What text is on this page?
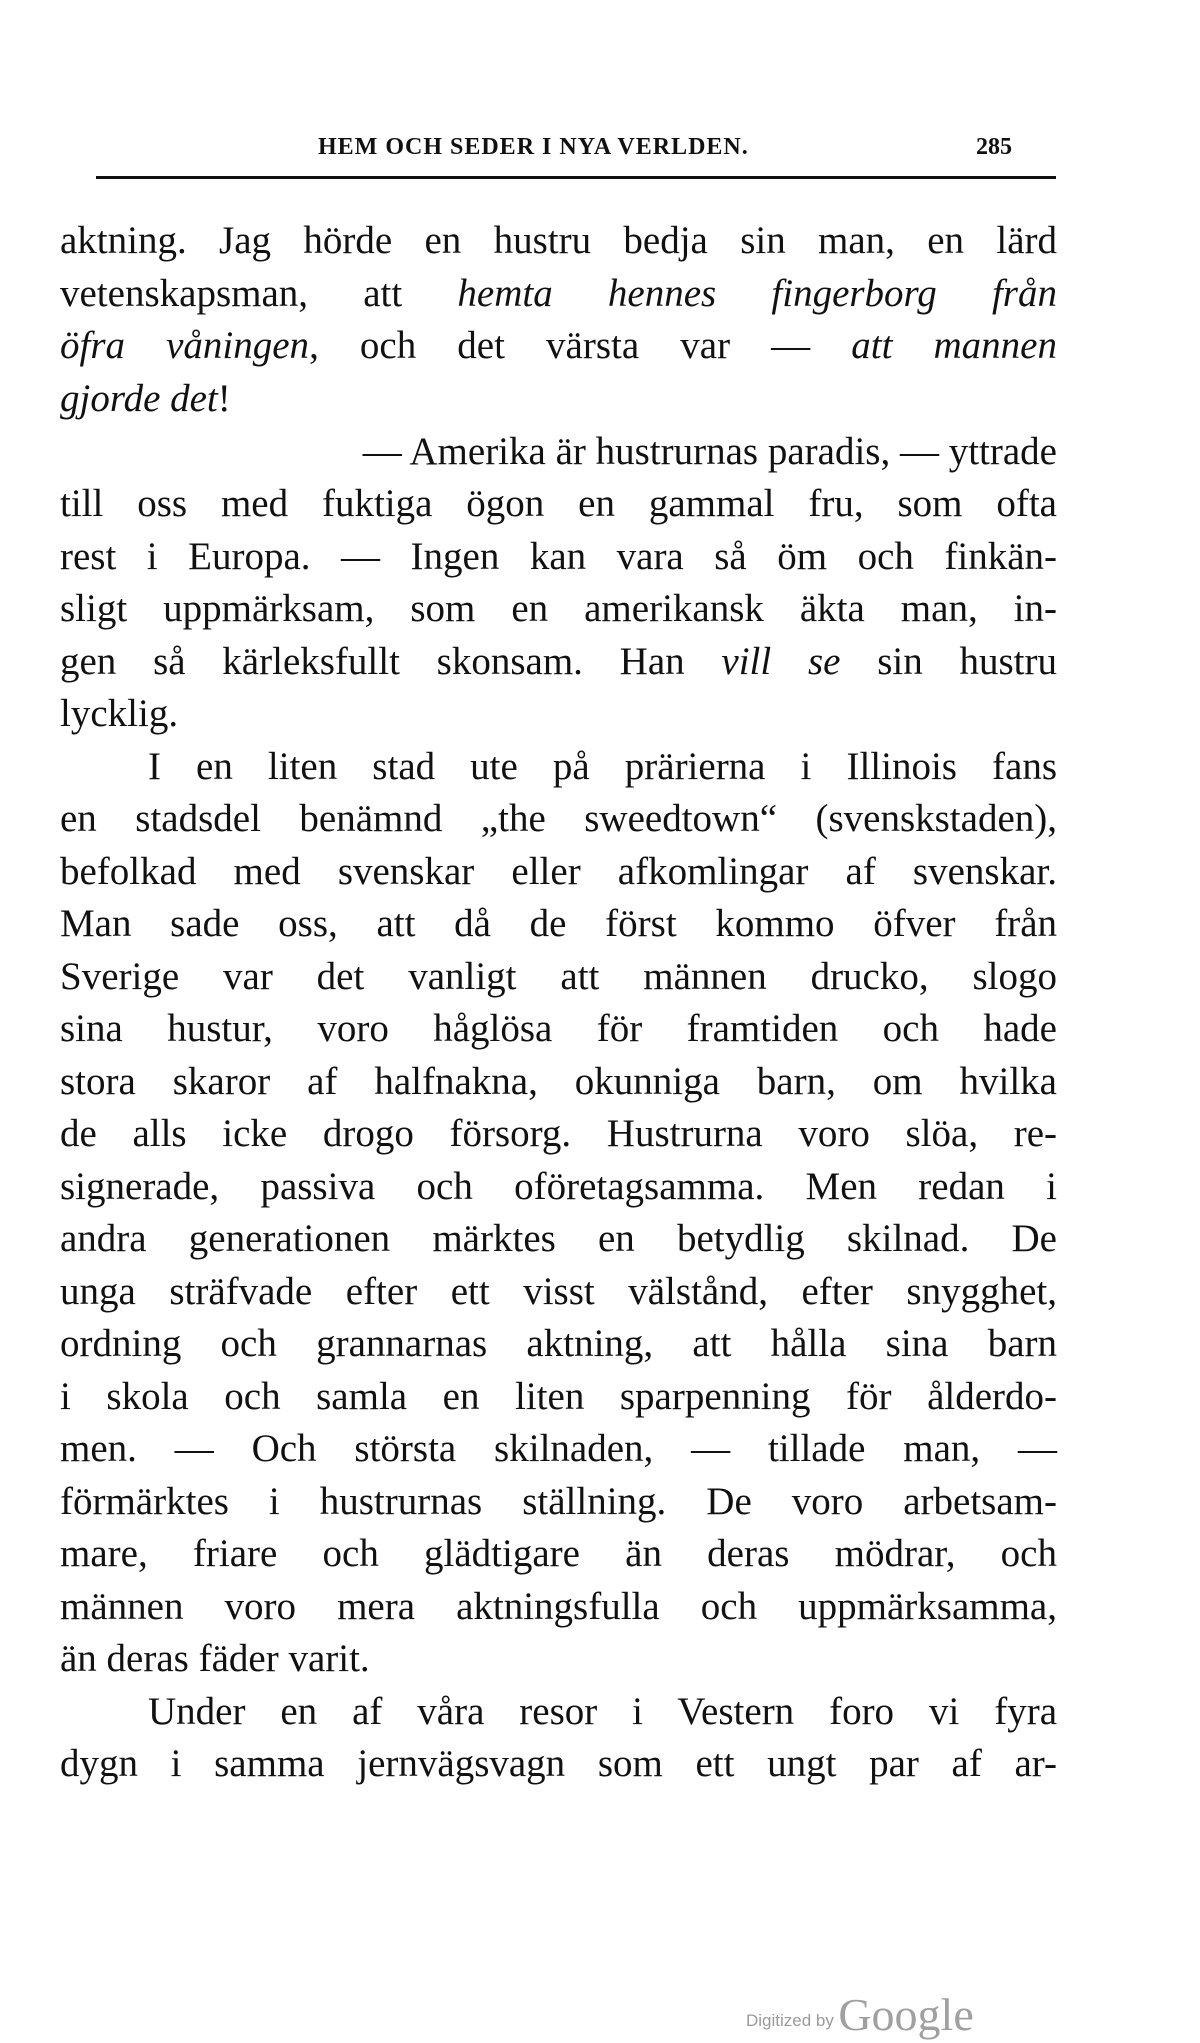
HEM OCH SEDER I NYA VERLDEN.	285
aktning. Jag hörde en hustru bedja sin man, en lärd
vetenskapsman, att hemta hennes fingerborg från
öfra våningen, och det värsta var — att mannen
gjorde det!
— Amerika är hustrurnas paradis, — yttrade
till oss med fuktiga ögon en gammal fru, som ofta
rest i Europa. — Ingen kan vara så öm och finkän-
sligt uppmärksam, som en amerikansk äkta man, in-
gen så kärleksfullt skonsam. Han vill se sin hustru
lycklig.
I en liten stad ute på prärierna i Illinois fans
en stadsdel benämnd „the sweedtown“ (svenskstaden),
befolkad med svenskar eller afkomlingar af svenskar.
Man sade oss, att då de först kommo öfver från
Sverige var det vanligt att männen drucko, slogo
sina hustur, voro håglösa för framtiden och hade
stora skaror af halfnakna, okunniga barn, om hvilka
de alls icke drogo försorg. Hustrurna voro slöa, re-
signerade, passiva och oföretagsamma. Men redan i
andra generationen märktes en betydlig skilnad. De
unga sträfvade efter ett visst välstånd, efter snygghet,
ordning och grannarnas aktning, att hålla sina barn
i skola och samla en liten sparpenning för ålderdo-
men. — Och största skilnaden, — tillade man, —
förmärktes i hustrurnas ställning. De voro arbetsam-
mare, friare och glädtigare än deras mödrar, och
männen voro mera aktningsfulla och uppmärksamma,
än deras fäder varit.
Under en af våra resor i Vestern foro vi fyra
dygn i samma jernvägsvagn som ett ungt par af ar-
Digitized by Google
